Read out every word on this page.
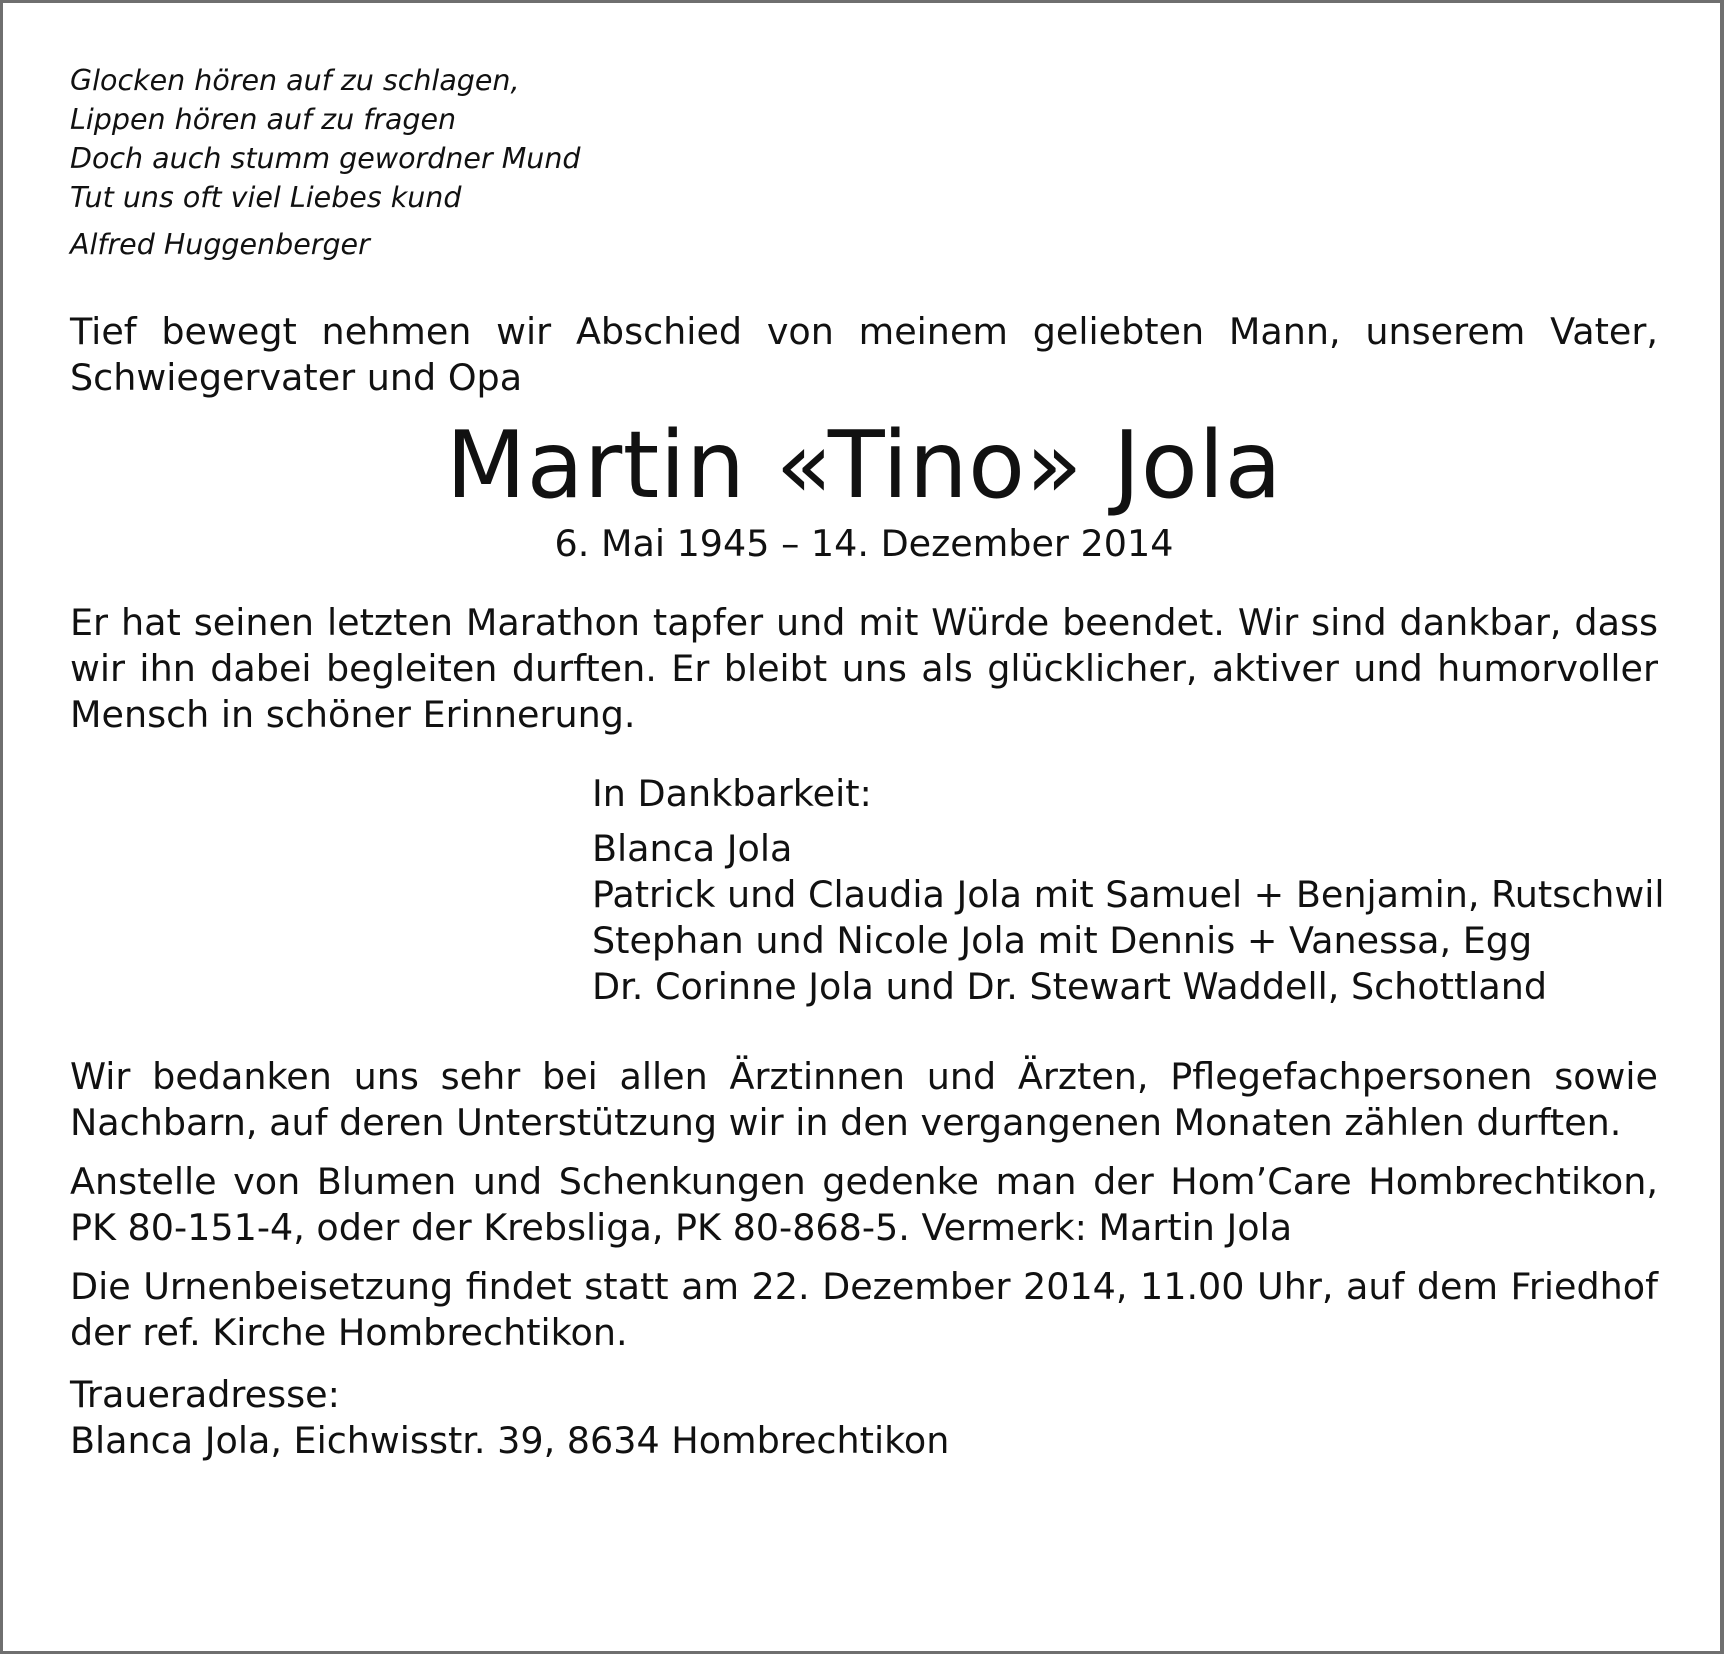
Glocken hören auf zu schlagen,
Lippen hören auf zu fragen
Doch auch stumm gewordner Mund
Tut uns oft viel Liebes kund
Alfred Huggenberger
Tief bewegt nehmen wir Abschied von meinem geliebten Mann, unserem Vater, Schwiegervater und Opa
Martin «Tino» Jola
6. Mai 1945 – 14. Dezember 2014
Er hat seinen letzten Marathon tapfer und mit Würde beendet. Wir sind dankbar, dass wir ihn dabei begleiten durften. Er bleibt uns als glücklicher, aktiver und humorvoller Mensch in schöner Erinnerung.
In Dankbarkeit:
Blanca Jola
Patrick und Claudia Jola mit Samuel + Benjamin, Rutschwil
Stephan und Nicole Jola mit Dennis + Vanessa, Egg
Dr. Corinne Jola und Dr. Stewart Waddell, Schottland
Wir bedanken uns sehr bei allen Ärztinnen und Ärzten, Pflegefachpersonen sowie Nachbarn, auf deren Unterstützung wir in den vergangenen Monaten zählen durften.
Anstelle von Blumen und Schenkungen gedenke man der Hom’Care Hombrechtikon, PK 80-151-4, oder der Krebsliga, PK 80-868-5. Vermerk: Martin Jola
Die Urnenbeisetzung findet statt am 22. Dezember 2014, 11.00 Uhr, auf dem Friedhof der ref. Kirche Hombrechtikon.
Traueradresse:
Blanca Jola, Eichwisstr. 39, 8634 Hombrechtikon
